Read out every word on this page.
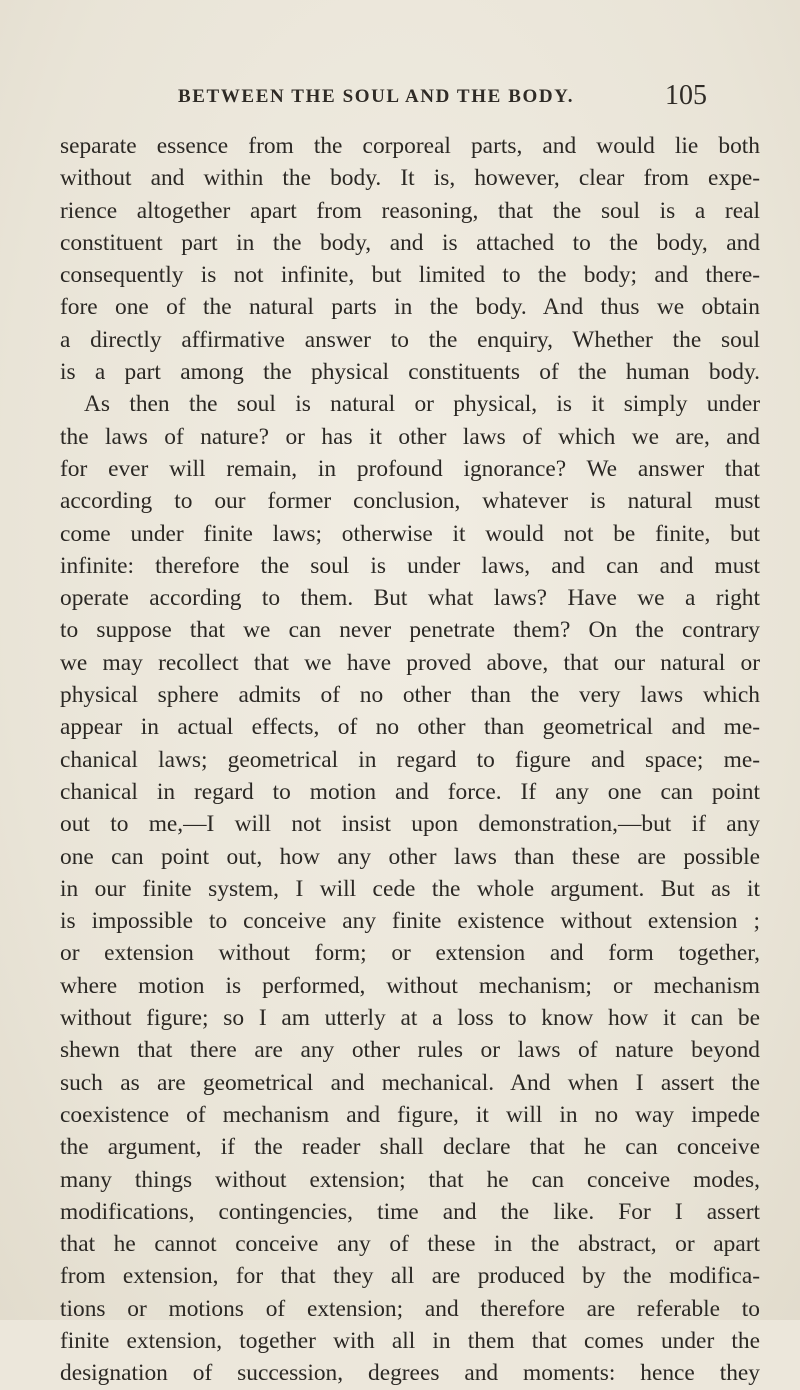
BETWEEN THE SOUL AND THE BODY.	105
separate essence from the corporeal parts, and would lie both
without and within the body. It is, however, clear from expe-
rience altogether apart from reasoning, that the soul is a real
constituent part in the body, and is attached to the body, and
consequently is not infinite, but limited to the body; and there-
fore one of the natural parts in the body. And thus we obtain
a directly affirmative answer to the enquiry, Whether the soul
is a part among the physical constituents of the human body.
As then the soul is natural or physical, is it simply under
the laws of nature? or has it other laws of which we are, and
for ever will remain, in profound ignorance? We answer that
according to our former conclusion, whatever is natural must
come under finite laws; otherwise it would not be finite, but
infinite: therefore the soul is under laws, and can and must
operate according to them. But what laws? Have we a right
to suppose that we can never penetrate them? On the contrary
we may recollect that we have proved above, that our natural or
physical sphere admits of no other than the very laws which
appear in actual effects, of no other than geometrical and me-
chanical laws; geometrical in regard to figure and space; me-
chanical in regard to motion and force. If any one can point
out to me,—I will not insist upon demonstration,—but if any
one can point out, how any other laws than these are possible
in our finite system, I will cede the whole argument. But as it
is impossible to conceive any finite existence without extension ;
or extension without form; or extension and form together,
where motion is performed, without mechanism; or mechanism
without figure; so I am utterly at a loss to know how it can be
shewn that there are any other rules or laws of nature beyond
such as are geometrical and mechanical. And when I assert the
coexistence of mechanism and figure, it will in no way impede
the argument, if the reader shall declare that he can conceive
many things without extension; that he can conceive modes,
modifications, contingencies, time and the like. For I assert
that he cannot conceive any of these in the abstract, or apart
from extension, for that they all are produced by the modifica-
tions or motions of extension; and therefore are referable to
finite extension, together with all in them that comes under the
designation of succession, degrees and moments: hence they
